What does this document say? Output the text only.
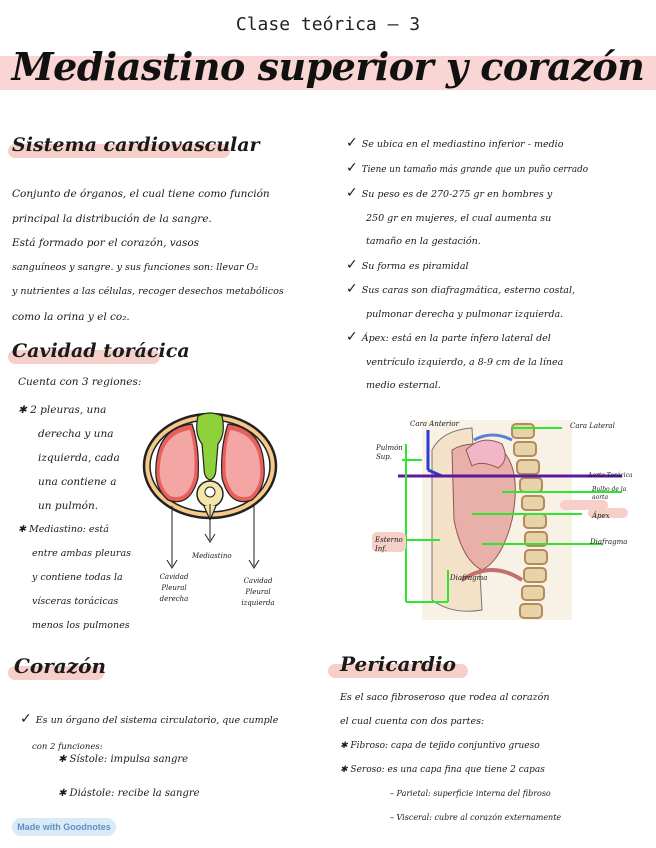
Clase teórica – 3
Mediastino superior y corazón
Sistema cardiovascular
Conjunto de órganos, el cual tiene como función
principal la distribución de la sangre.
Está formado por el corazón, vasos
sanguíneos y sangre. y sus funciones son: llevar O₂
y nutrientes a las células, recoger desechos metabólicos
como la orina y el co₂.
Cavidad torácica
Cuenta con 3 regiones:
✱ 2 pleuras, una
derecha y una
izquierda, cada
una contiene a
un pulmón.
✱ Mediastino: está
entre ambas pleuras
y contiene todas la
vísceras torácicas
menos los pulmones
Mediastino
Cavidad
Pleural
derecha
Cavidad
Pleural
izquierda
✓ Se ubica en el mediastino inferior - medio
✓ Tiene un tamaño más grande que un puño cerrado
✓ Su peso es de 270-275 gr en hombres y
250 gr en mujeres, el cual aumenta su
tamaño en la gestación.
✓ Su forma es piramidal
✓ Sus caras son diafragmática, esterno costal,
pulmonar derecha y pulmonar izquierda.
✓ Ápex: está en la parte ínfero lateral del
ventrículo izquierdo, a 8-9 cm de la línea
medio esternal.
Cara Anterior	Cara Lateral
Pulmón
Sup.
Esterno
Inf.
Aorta Torácica
Bulbo de la
aorta
Ápex
Diafragma
Diafragma
Corazón
✓ Es un órgano del sistema circulatorio, que cumple
con 2 funciones:
✱ Sístole: impulsa sangre
✱ Diástole: recibe la sangre
Pericardio
Es el saco fibroseroso que rodea al corazón
el cual cuenta con dos partes:
✱ Fibroso: capa de tejido conjuntivo grueso
✱ Seroso: es una capa fina que tiene 2 capas
– Parietal: superficie interna del fibroso
– Visceral: cubre al corazón externamente
Made with Goodnotes
